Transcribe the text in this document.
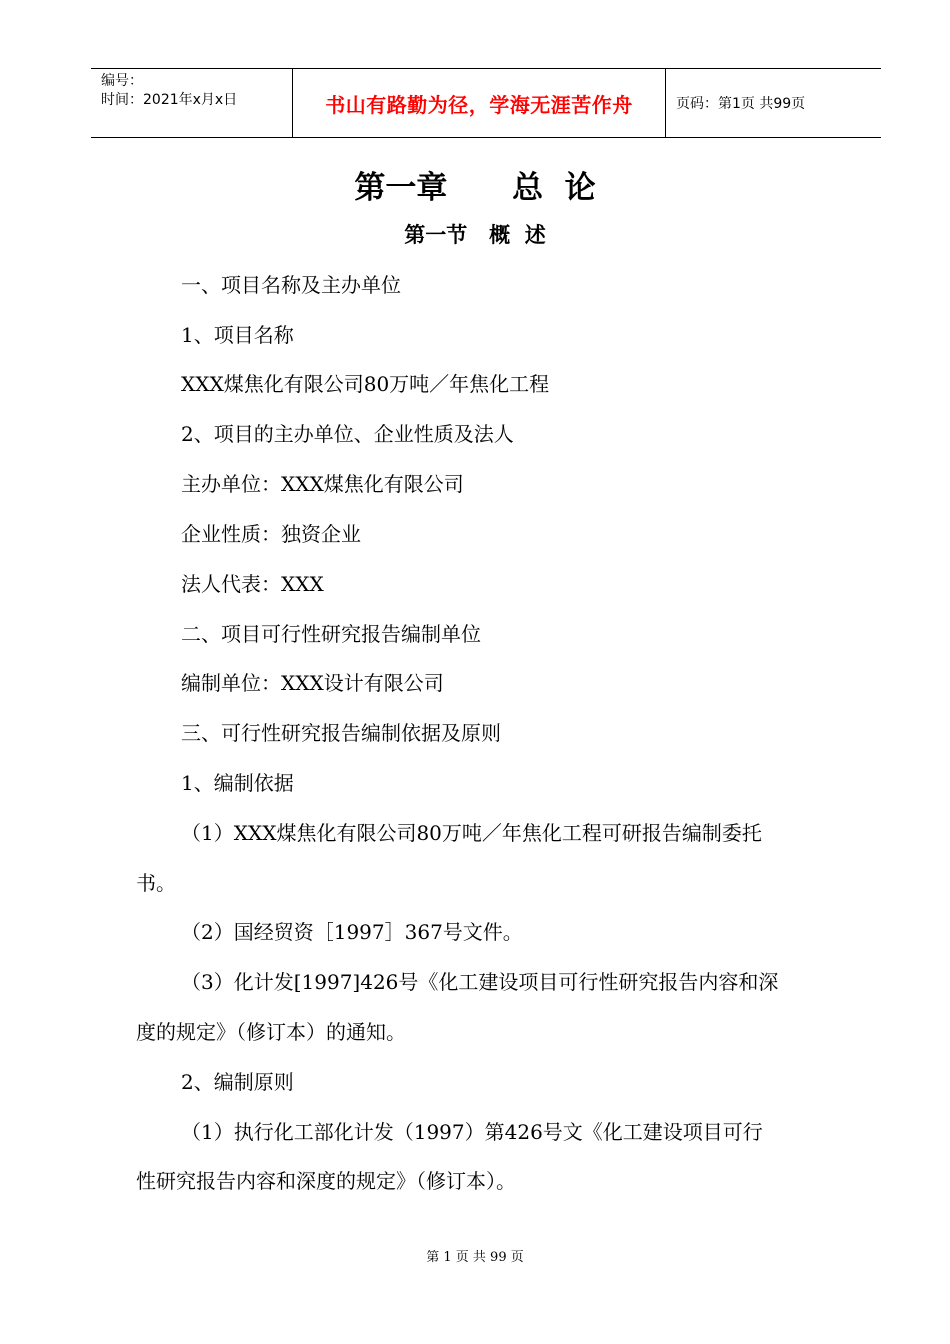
编号：
时间：2021年x月x日	书山有路勤为径，学海无涯苦作舟	页码：第1页 共99页
第一章      总  论
第一节   概  述
一、项目名称及主办单位
1、项目名称
XXX煤焦化有限公司80万吨／年焦化工程
2、项目的主办单位、企业性质及法人
主办单位：XXX煤焦化有限公司
企业性质：独资企业
法人代表：XXX
二、项目可行性研究报告编制单位
编制单位：XXX设计有限公司
三、可行性研究报告编制依据及原则
1、编制依据
（1）XXX煤焦化有限公司80万吨／年焦化工程可研报告编制委托
书。
（2）国经贸资［1997］367号文件。
（3）化计发[1997]426号《化工建设项目可行性研究报告内容和深
度的规定》（修订本）的通知。
2、编制原则
（1）执行化工部化计发（1997）第426号文《化工建设项目可行
性研究报告内容和深度的规定》（修订本）。
第 1 页 共 99 页
